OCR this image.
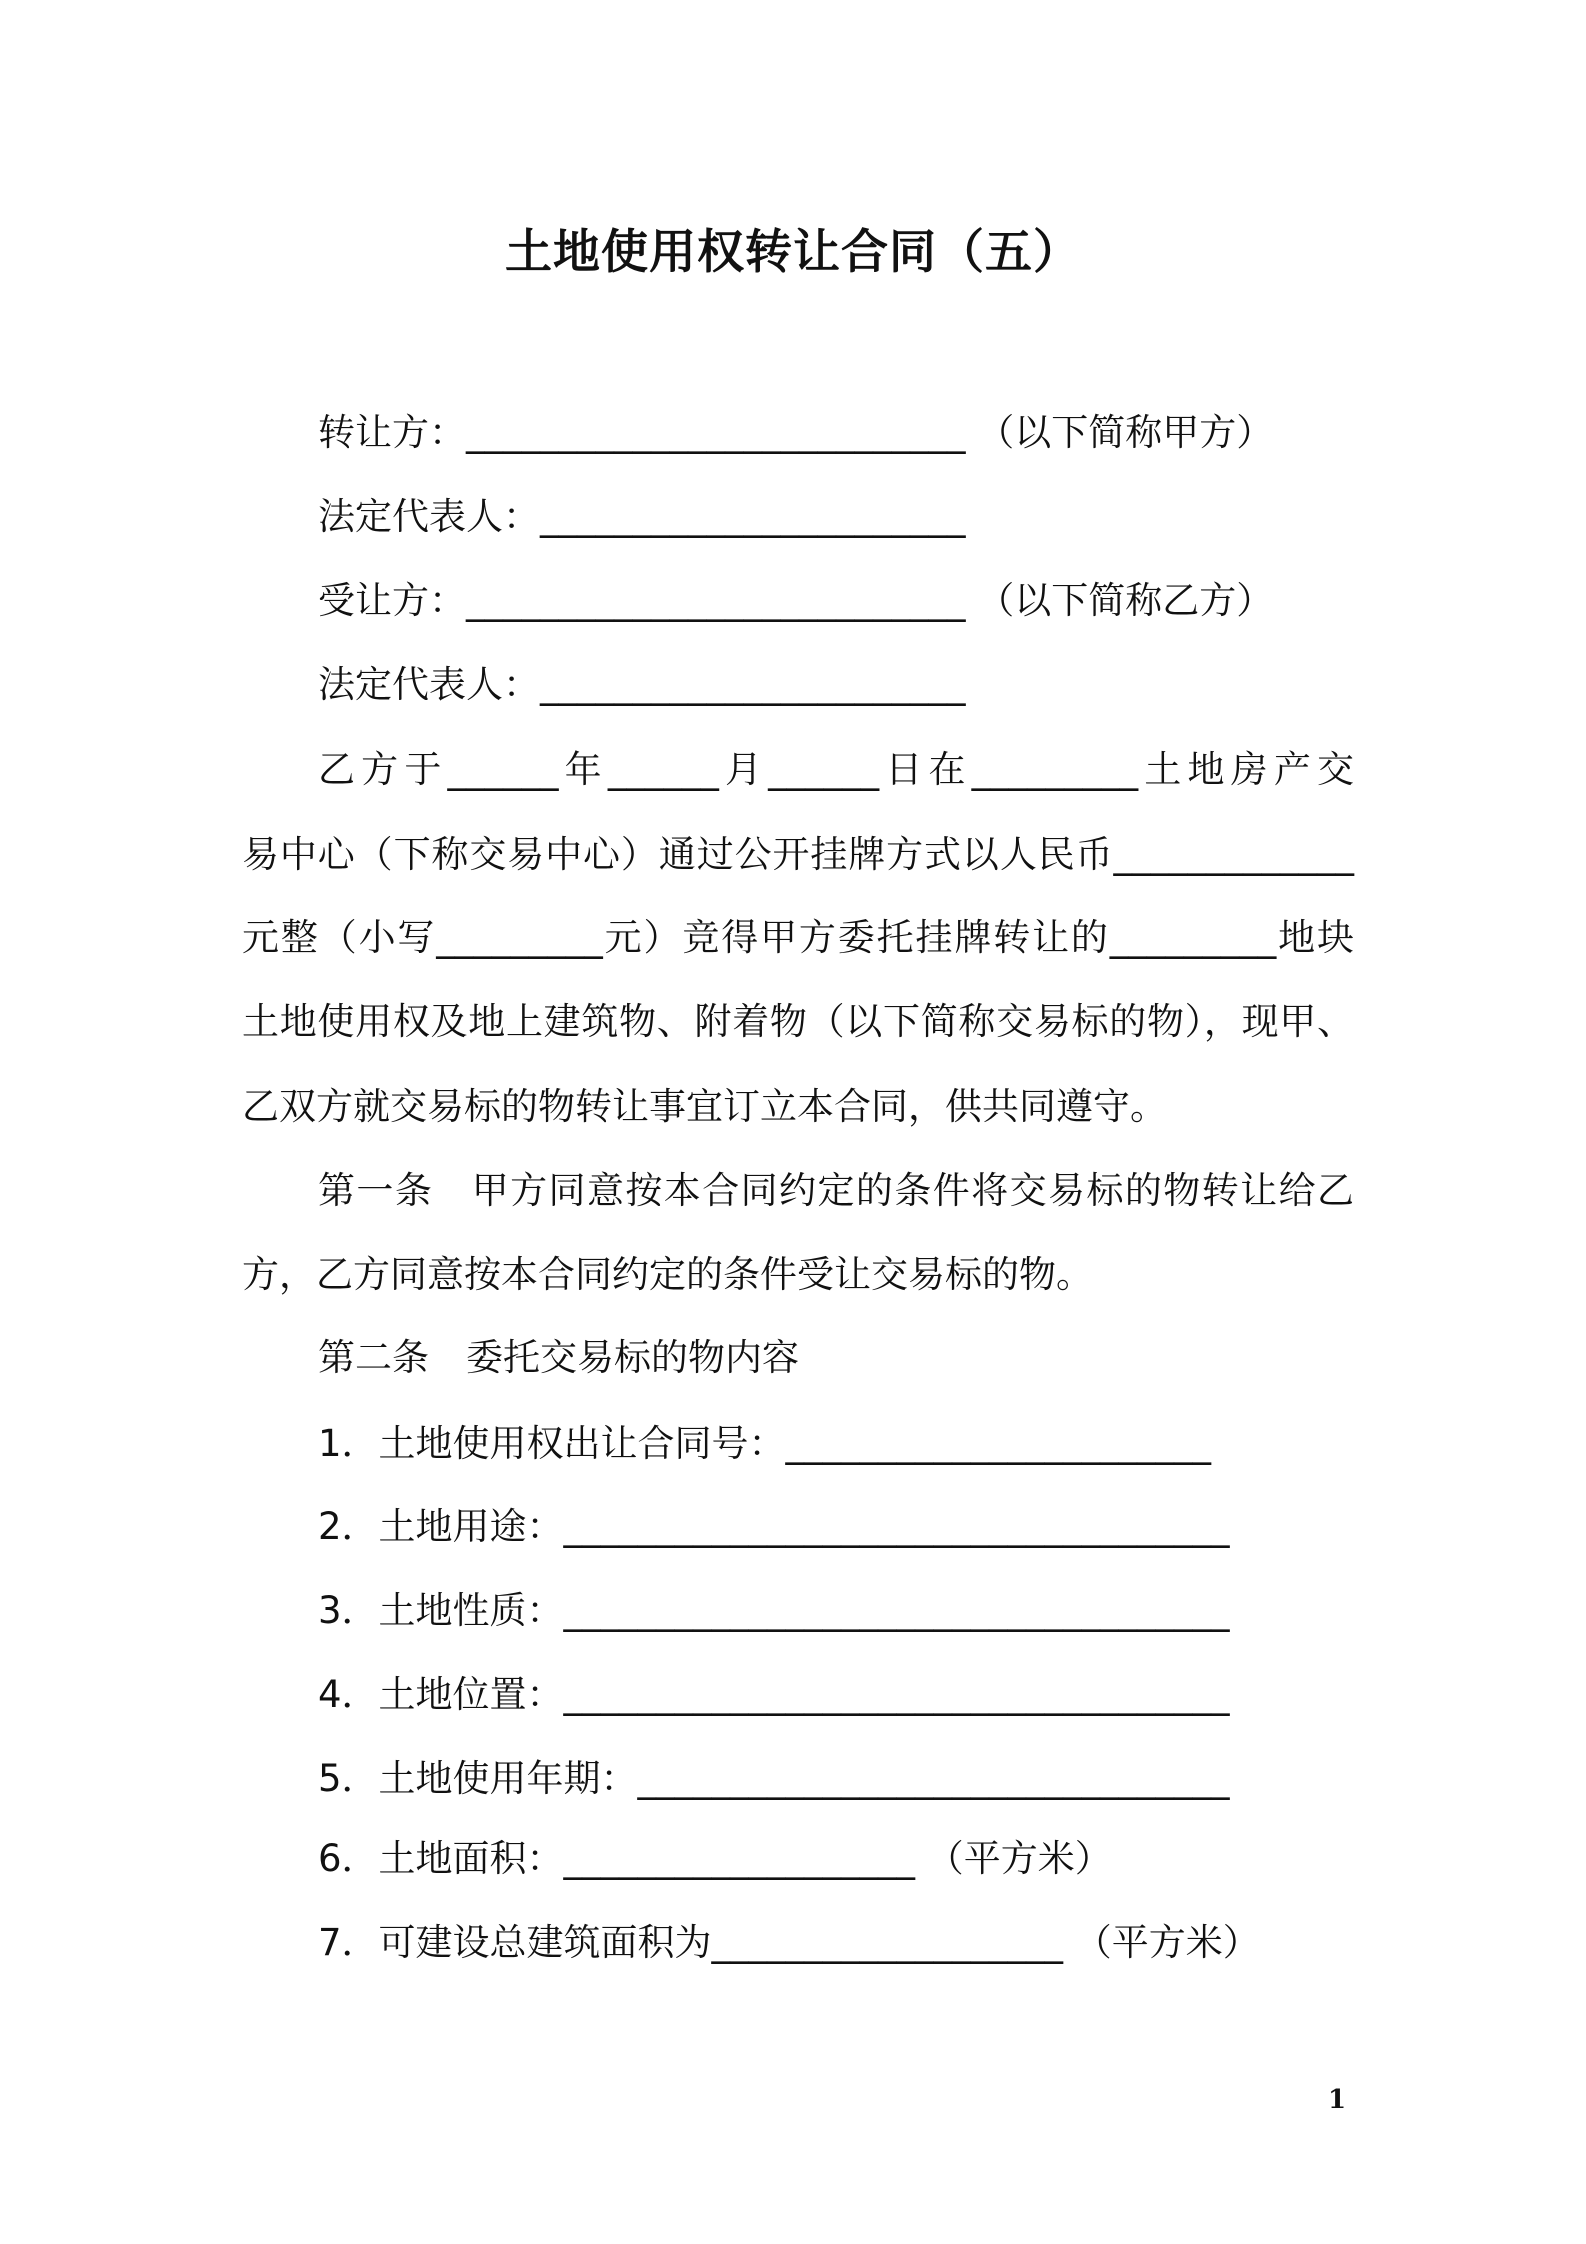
土地使用权转让合同（五）
转让方：___________________________ （以下简称甲方）
法定代表人：_______________________
受让方：___________________________ （以下简称乙方）
法定代表人：_______________________
乙方于______年______月______日在_________土地房产交
易中心（下称交易中心）通过公开挂牌方式以人民币_____________
元整（小写_________元）竞得甲方委托挂牌转让的_________地块
土地使用权及地上建筑物、附着物（以下简称交易标的物），现甲、
乙双方就交易标的物转让事宜订立本合同，供共同遵守。
第一条　甲方同意按本合同约定的条件将交易标的物转让给乙
方，乙方同意按本合同约定的条件受让交易标的物。
第二条　委托交易标的物内容
1．土地使用权出让合同号：_______________________
2．土地用途：____________________________________
3．土地性质：____________________________________
4．土地位置：____________________________________
5．土地使用年期：________________________________
6．土地面积：___________________ （平方米）
7．可建设总建筑面积为___________________ （平方米）
1
